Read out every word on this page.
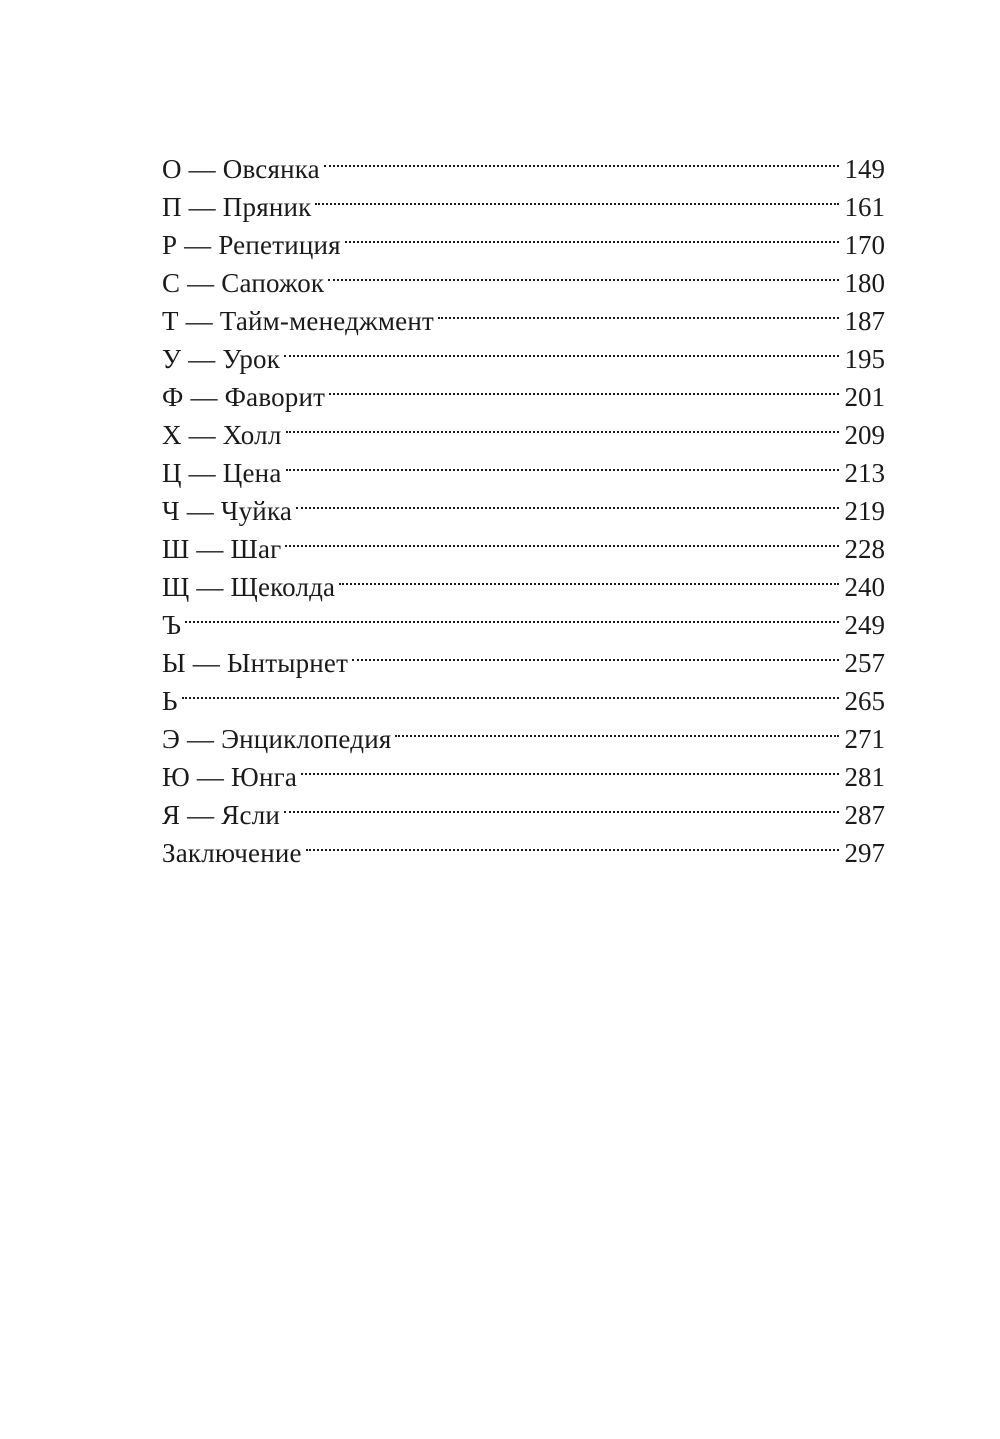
О — Овсянка	149
П — Пряник	161
Р — Репетиция	170
С — Сапожок	180
Т — Тайм-менеджмент	187
У — Урок	195
Ф — Фаворит	201
Х — Холл	209
Ц — Цена	213
Ч — Чуйка	219
Ш — Шаг	228
Щ — Щеколда	240
Ъ	249
Ы — Ынтырнет	257
Ь	265
Э — Энциклопедия	271
Ю — Юнга	281
Я — Ясли	287
Заключение	297
